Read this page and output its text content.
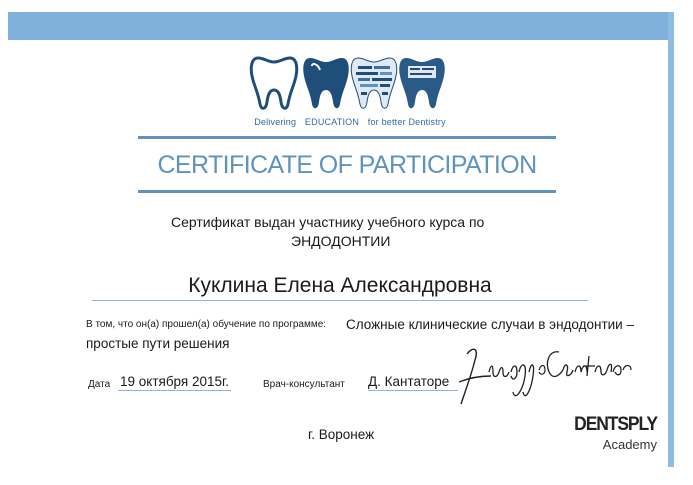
Delivering EDUCATION for better Dentistry
CERTIFICATE OF PARTICIPATION
Сертификат выдан участнику учебного курса по
ЭНДОДОНТИИ
Куклина Елена Александровна
В том, что он(а) прошел(а) обучение по программе: Сложные клинические случаи в эндодонтии –
простые пути решения
Дата 19 октября 2015г.	Врач-консультант Д. Кантаторе
DENTSPLY
Academy
г. Воронеж
